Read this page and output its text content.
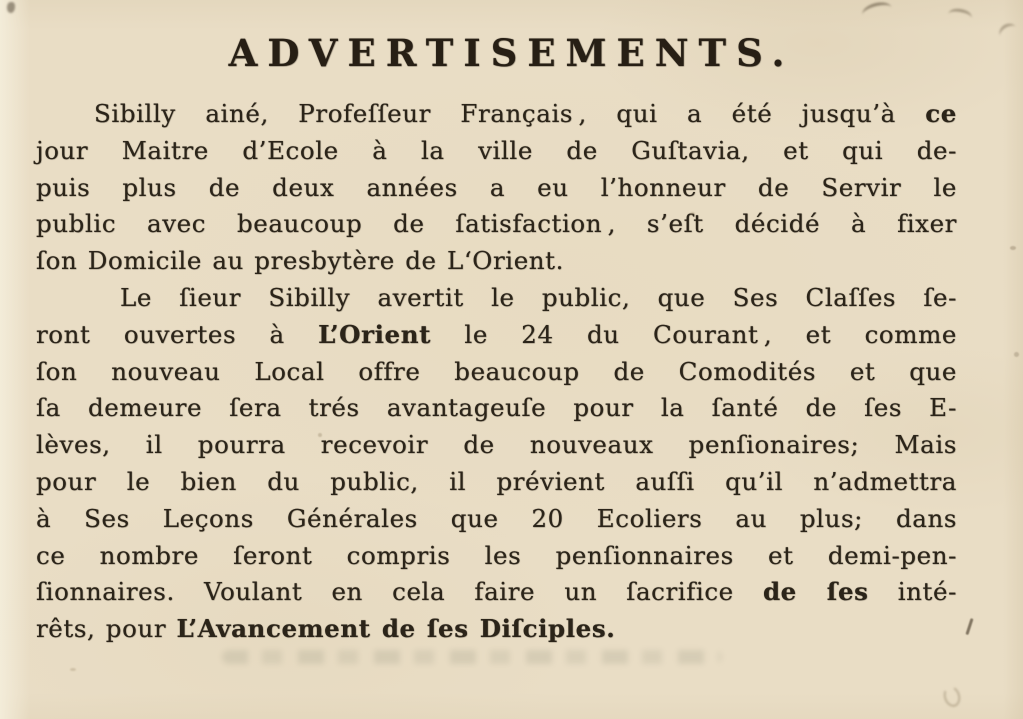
ADVERTISEMENTS.
Sibilly ainé, Profeſſeur Français , qui a été jusqu’à ce
jour Maitre d’Ecole à la ville de Guſtavia, et qui de-
puis plus de deux années a eu l’honneur de Servir le
public avec beaucoup de ſatisfaction , s’eſt décidé à fixer
ſon Domicile au presbytère de L‘Orient.
Le ſieur Sibilly avertit le public, que Ses Claſſes ſe-
ront ouvertes à L’Orient le 24 du Courant , et comme
ſon nouveau Local offre beaucoup de Comodités et que
ſa demeure ſera trés avantageuſe pour la ſanté de ſes E-
lèves, il pourra recevoir de nouveaux penſionaires; Mais
pour le bien du public, il prévient auſſi qu’il n’admettra
à Ses Leçons Générales que 20 Ecoliers au plus; dans
ce nombre ſeront compris les penſionnaires et demi-pen-
ſionnaires. Voulant en cela faire un ſacrifice de ſes inté-
rêts, pour L’Avancement de ſes Diſciples.
